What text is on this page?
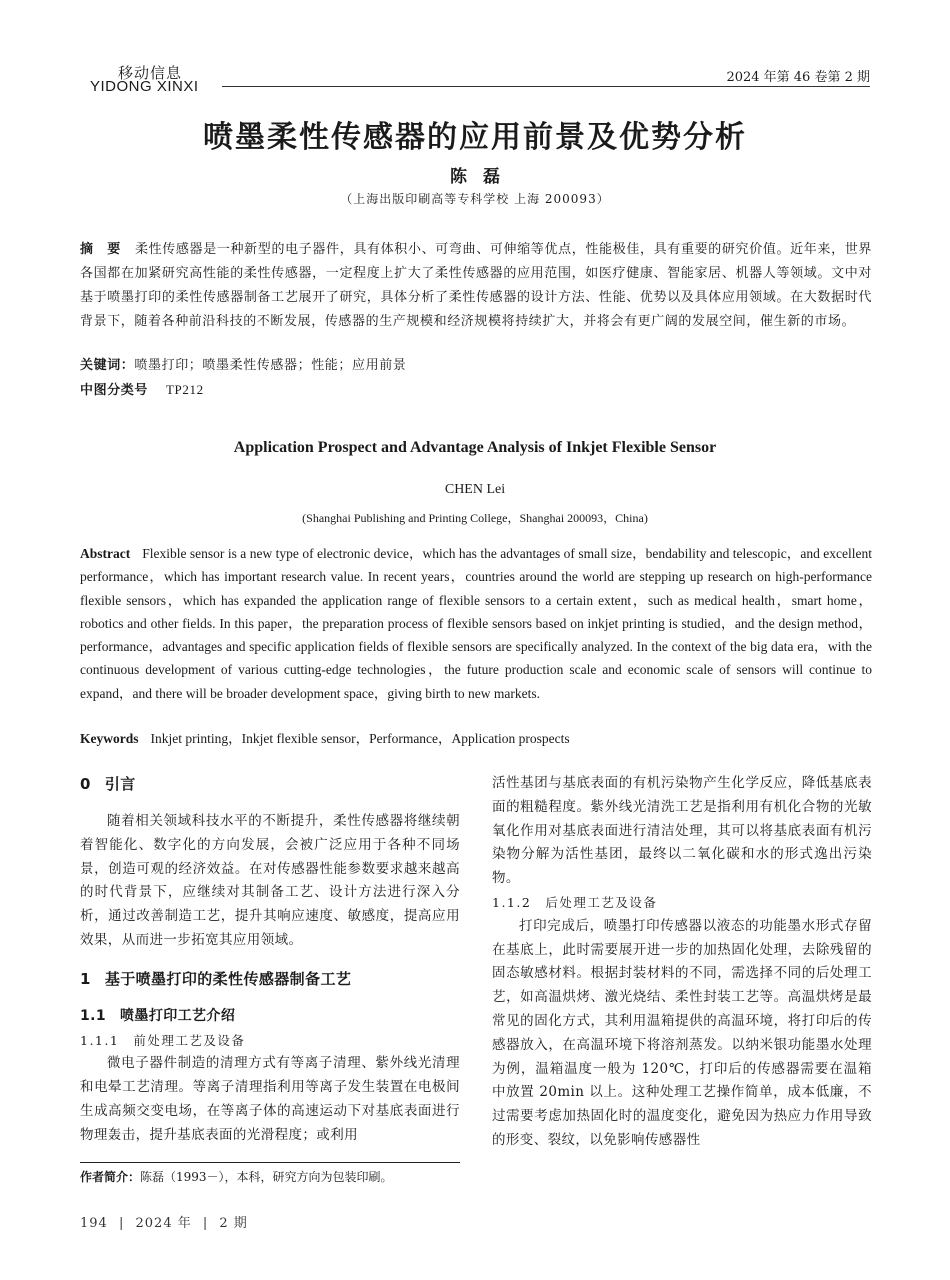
移动信息
YIDONG XINXI
2024 年第 46 卷第 2 期
喷墨柔性传感器的应用前景及优势分析
陈磊
（上海出版印刷高等专科学校 上海 200093）
摘　要 柔性传感器是一种新型的电子器件，具有体积小、可弯曲、可伸缩等优点，性能极佳，具有重要的研究价值。近年来，世界各国都在加紧研究高性能的柔性传感器，一定程度上扩大了柔性传感器的应用范围，如医疗健康、智能家居、机器人等领域。文中对基于喷墨打印的柔性传感器制备工艺展开了研究，具体分析了柔性传感器的设计方法、性能、优势以及具体应用领域。在大数据时代背景下，随着各种前沿科技的不断发展，传感器的生产规模和经济规模将持续扩大，并将会有更广阔的发展空间，催生新的市场。
关键词：喷墨打印；喷墨柔性传感器；性能；应用前景
中图分类号 TP212
Application Prospect and Advantage Analysis of Inkjet Flexible Sensor
CHEN Lei
(Shanghai Publishing and Printing College，Shanghai 200093，China)
Abstract Flexible sensor is a new type of electronic device，which has the advantages of small size，bendability and telescopic，and excellent performance，which has important research value. In recent years，countries around the world are stepping up research on high-performance flexible sensors，which has expanded the application range of flexible sensors to a certain extent，such as medical health，smart home，robotics and other fields. In this paper，the preparation process of flexible sensors based on inkjet printing is studied，and the design method，performance，advantages and specific application fields of flexible sensors are specifically analyzed. In the context of the big data era，with the continuous development of various cutting-edge technologies，the future production scale and economic scale of sensors will continue to expand，and there will be broader development space，giving birth to new markets.
Keywords Inkjet printing，Inkjet flexible sensor，Performance，Application prospects
0 引言

随着相关领域科技水平的不断提升，柔性传感器将继续朝着智能化、数字化的方向发展，会被广泛应用于各种不同场景，创造可观的经济效益。在对传感器性能参数要求越来越高的时代背景下，应继续对其制备工艺、设计方法进行深入分析，通过改善制造工艺，提升其响应速度、敏感度，提高应用效果，从而进一步拓宽其应用领域。

1 基于喷墨打印的柔性传感器制备工艺
1.1 喷墨打印工艺介绍
1.1.1 前处理工艺及设备

微电子器件制造的清理方式有等离子清理、紫外线光清理和电晕工艺清理。等离子清理指利用等离子发生装置在电极间生成高频交变电场，在等离子体的高速运动下对基底表面进行物理轰击，提升基底表面的光滑程度；或利用

作者简介：陈磊（1993－），本科，研究方向为包装印刷。

活性基团与基底表面的有机污染物产生化学反应，降低基底表面的粗糙程度。紫外线光清洗工艺是指利用有机化合物的光敏氧化作用对基底表面进行清洁处理，其可以将基底表面有机污染物分解为活性基团，最终以二氧化碳和水的形式逸出污染物。

1.1.2 后处理工艺及设备

打印完成后，喷墨打印传感器以液态的功能墨水形式存留在基底上，此时需要展开进一步的加热固化处理，去除残留的固态敏感材料。根据封装材料的不同，需选择不同的后处理工艺，如高温烘烤、激光烧结、柔性封装工艺等。高温烘烤是最常见的固化方式，其利用温箱提供的高温环境，将打印后的传感器放入，在高温环境下将溶剂蒸发。以纳米银功能墨水处理为例，温箱温度一般为 120℃，打印后的传感器需要在温箱中放置 20min 以上。这种处理工艺操作简单，成本低廉，不过需要考虑加热固化时的温度变化，避免因为热应力作用导致的形变、裂纹，以免影响传感器性

194 | 2024 年 | 2 期
